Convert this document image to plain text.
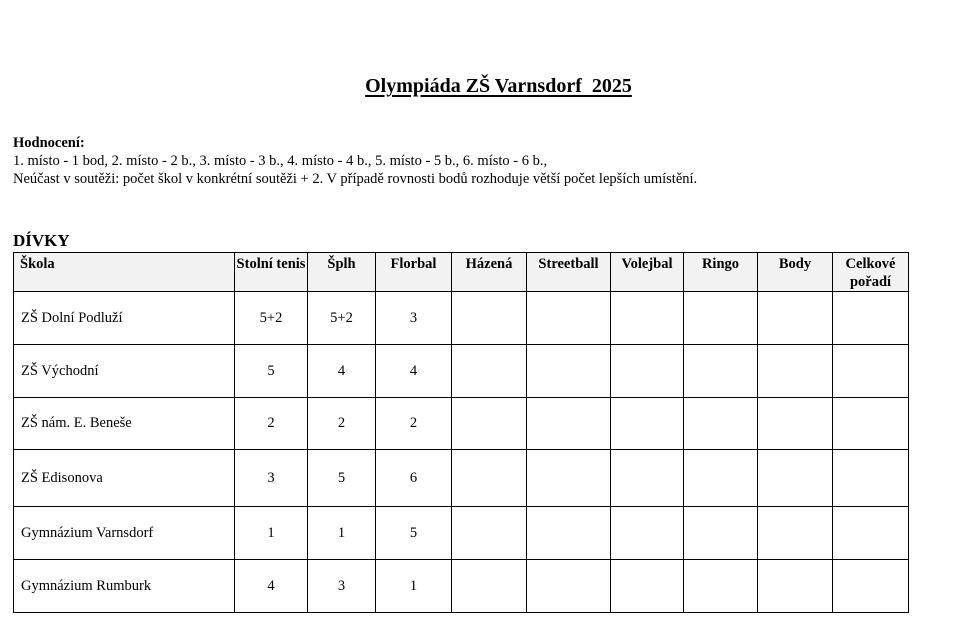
Olympiáda ZŠ Varnsdorf  2025
Hodnocení:
1. místo - 1 bod, 2. místo - 2 b., 3. místo - 3 b., 4. místo - 4 b., 5. místo - 5 b., 6. místo - 6 b.,
Neúčast v soutěži: počet škol v konkrétní soutěži + 2. V případě rovnosti bodů rozhoduje větší počet lepších umístění.
DÍVKY
Škola	Stolní tenis	Šplh	Florbal	Házená	Streetball	Volejbal	Ringo	Body	Celkové pořadí
ZŠ Dolní Podluží	5+2	5+2	3						
ZŠ Východní	5	4	4						
ZŠ nám. E. Beneše	2	2	2						
ZŠ Edisonova	3	5	6						
Gymnázium Varnsdorf	1	1	5						
Gymnázium Rumburk	4	3	1						
